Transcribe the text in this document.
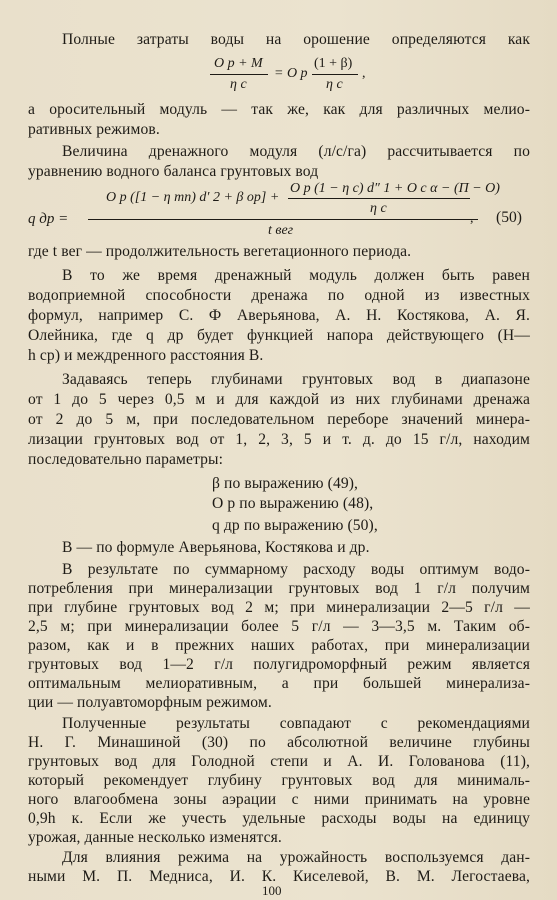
Полные затраты воды на орошение определяются как
O р + M
η с
= O р
(1 + β)
η с
,
а оросительный модуль — так же, как для различных мелио-
ративных режимов.
Величина дренажного модуля (л/с/га) рассчитывается по
уравнению водного баланса грунтовых вод
q др =
O р ([1 − η mn) d′ 2 + β ор] +
O р (1 − η с) d″ 1 + O с α − (П − O)
η с
t вег
, (50)
где t вег — продолжительность вегетационного периода.
В то же время дренажный модуль должен быть равен
водоприемной способности дренажа по одной из известных
формул, например С. Ф Аверьянова, А. Н. Костякова, А. Я.
Олейника, где q др будет функцией напора действующего (H—
h ср) и междренного расстояния B.
Задаваясь теперь глубинами грунтовых вод в диапазоне
от 1 до 5 через 0,5 м и для каждой из них глубинами дренажа
от 2 до 5 м, при последовательном переборе значений минера-
лизации грунтовых вод от 1, 2, 3, 5 и т. д. до 15 г/л, находим
последовательно параметры:
β по выражению (49),
O р по выражению (48),
q др по выражению (50),
B — по формуле Аверьянова, Костякова и др.
В результате по суммарному расходу воды оптимум водо-
потребления при минерализации грунтовых вод 1 г/л получим
при глубине грунтовых вод 2 м; при минерализации 2—5 г/л —
2,5 м; при минерализации более 5 г/л — 3—3,5 м. Таким об-
разом, как и в прежних наших работах, при минерализации
грунтовых вод 1—2 г/л полугидроморфный режим является
оптимальным мелиоративным, а при большей минерализа-
ции — полуавтоморфным режимом.
Полученные результаты совпадают с рекомендациями
Н. Г. Минашиной (30) по абсолютной величине глубины
грунтовых вод для Голодной степи и А. И. Голованова (11),
который рекомендует глубину грунтовых вод для минималь-
ного влагообмена зоны аэрации с ними принимать на уровне
100
0,9h к. Если же учесть удельные расходы воды на единицу
урожая, данные несколько изменятся.
Для влияния режима на урожайность воспользуемся дан-
ными М. П. Медниса, И. К. Киселевой, В. М. Легостаева,
